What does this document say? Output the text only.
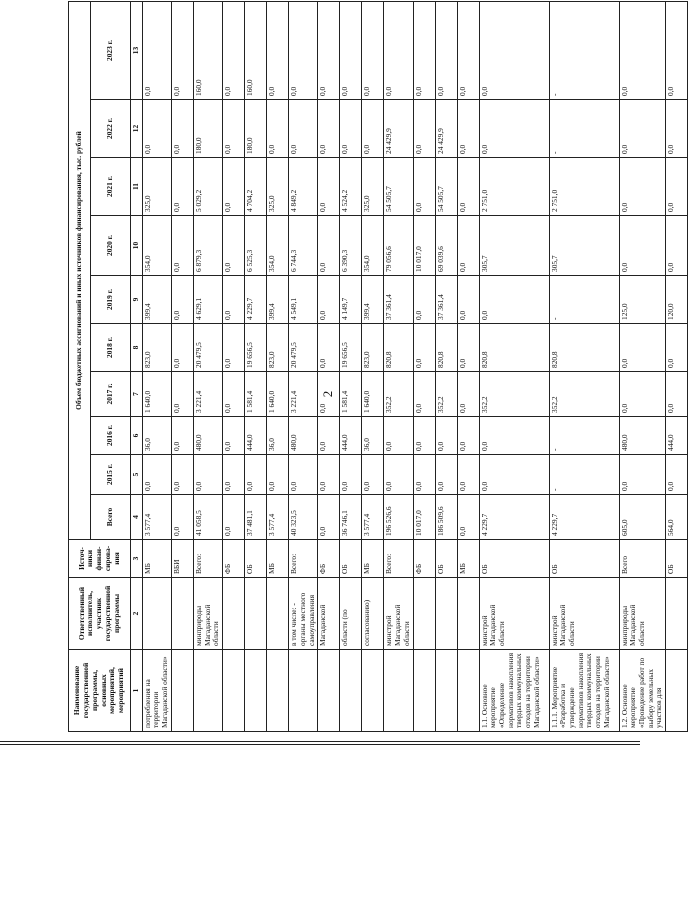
2
Наименование государственной программы, основных мероприятий, мероприятий	Ответственный исполнитель, участник государственной программы	Источ-ники финан-сирова-ния	Объем бюджетных ассигнований и иных источников финансирования, тыс. рублей									
			Всего	2015 г.	2016 г.	2017 г.	2018 г.	2019 г.	2020 г.	2021 г.	2022 г.	2023 г.
1	2	3	4	5	6	7	8	9	10	11	12	13
потребления на территории Магаданской области»		МБ	3 577,4	0,0	36,0	1 640,0	823,0	399,4	354,0	325,0	0,0	0,0
		ВБИ	0,0	0,0	0,0	0,0	0,0	0,0	0,0	0,0	0,0	0,0
	минприроды Магаданской области	Всего:	41 058,5	0,0	480,0	3 221,4	20 479,5	4 629,1	6 879,3	5 029,2	180,0	160,0
		ФБ	0,0	0,0	0,0	0,0	0,0	0,0	0,0	0,0	0,0	0,0
		ОБ	37 481,1	0,0	444,0	1 581,4	19 656,5	4 229,7	6 525,3	4 704,2	180,0	160,0
		МБ	3 577,4	0,0	36,0	1 640,0	823,0	399,4	354,0	325,0	0,0	0,0
	в том числе: - органы местного самоуправления	Всего:	40 323,5	0,0	480,0	3 221,4	20 479,5	4 549,1	6 744,3	4 849,2	0,0	0,0
	Магаданской	ФБ	0,0	0,0	0,0	0,0	0,0	0,0	0,0	0,0	0,0	0,0
	области (по	ОБ	36 746,1	0,0	444,0	1 581,4	19 656,5	4 149,7	6 390,3	4 524,2	0,0	0,0
	согласованию)	МБ	3 577,4	0,0	36,0	1 640,0	823,0	399,4	354,0	325,0	0,0	0,0
	минстрой Магаданской области	Всего:	196 526,6	0,0	0,0	352,2	820,8	37 361,4	79 056,6	54 505,7	24 429,9	0,0
		ФБ	10 017,0	0,0	0,0	0,0	0,0	0,0	10 017,0	0,0	0,0	0,0
		ОБ	186 509,6	0,0	0,0	352,2	820,8	37 361,4	69 039,6	54 505,7	24 429,9	0,0
		МБ	0,0	0,0	0,0	0,0	0,0	0,0	0,0	0,0	0,0	0,0
1.1. Основное мероприятие «Определение нормативов накопления твердых коммунальных отходов на территории Магаданской области»	минстрой Магаданской области	ОБ	4 229,7	0,0	0,0	352,2	820,8	0,0	305,7	2 751,0	0,0	0,0
1.1.1. Мероприятие «Разработка и утверждение нормативов накопления твердых коммунальных отходов на территории Магаданской области»	минстрой Магаданской области	ОБ	4 229,7	-	-	352,2	820,8	-	305,7	2 751,0	-	-
1.2. Основное мероприятие «Проведение работ по выбору земельных участков для	минприроды Магаданской области	Всего	605,0	0,0	480,0	0,0	0,0	125,0	0,0	0,0	0,0	0,0
		ОБ	564,0	0,0	444,0	0,0	0,0	120,0	0,0	0,0	0,0	0,0
